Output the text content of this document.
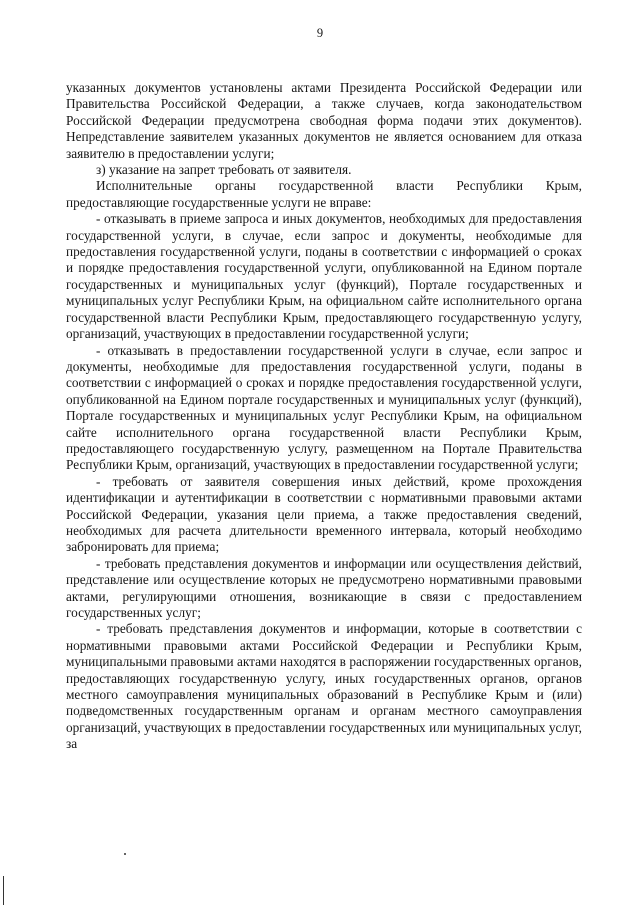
9

указанных документов установлены актами Президента Российской Федерации или Правительства Российской Федерации, а также случаев, когда законодательством Российской Федерации предусмотрена свободная форма подачи этих документов). Непредставление заявителем указанных документов не является основанием для отказа заявителю в предоставлении услуги;

з) указание на запрет требовать от заявителя.

Исполнительные органы государственной власти Республики Крым, предоставляющие государственные услуги не вправе:

- отказывать в приеме запроса и иных документов, необходимых для предоставления государственной услуги, в случае, если запрос и документы, необходимые для предоставления государственной услуги, поданы в соответствии с информацией о сроках и порядке предоставления государственной услуги, опубликованной на Едином портале государственных и муниципальных услуг (функций), Портале государственных и муниципальных услуг Республики Крым, на официальном сайте исполнительного органа государственной власти Республики Крым, предоставляющего государственную услугу, организаций, участвующих в предоставлении государственной услуги;

- отказывать в предоставлении государственной услуги в случае, если запрос и документы, необходимые для предоставления государственной услуги, поданы в соответствии с информацией о сроках и порядке предоставления государственной услуги, опубликованной на Едином портале государственных и муниципальных услуг (функций), Портале государственных и муниципальных услуг Республики Крым, на официальном сайте исполнительного органа государственной власти Республики Крым, предоставляющего государственную услугу, размещенном на Портале Правительства Республики Крым, организаций, участвующих в предоставлении государственной услуги;

- требовать от заявителя совершения иных действий, кроме прохождения идентификации и аутентификации в соответствии с нормативными правовыми актами Российской Федерации, указания цели приема, а также предоставления сведений, необходимых для расчета длительности временного интервала, который необходимо забронировать для приема;

- требовать представления документов и информации или осуществления действий, представление или осуществление которых не предусмотрено нормативными правовыми актами, регулирующими отношения, возникающие в связи с предоставлением государственных услуг;

- требовать представления документов и информации, которые в соответствии с нормативными правовыми актами Российской Федерации и Республики Крым, муниципальными правовыми актами находятся в распоряжении государственных органов, предоставляющих государственную услугу, иных государственных органов, органов местного самоуправления муниципальных образований в Республике Крым и (или) подведомственных государственным органам и органам местного самоуправления организаций, участвующих в предоставлении государственных или муниципальных услуг, за
